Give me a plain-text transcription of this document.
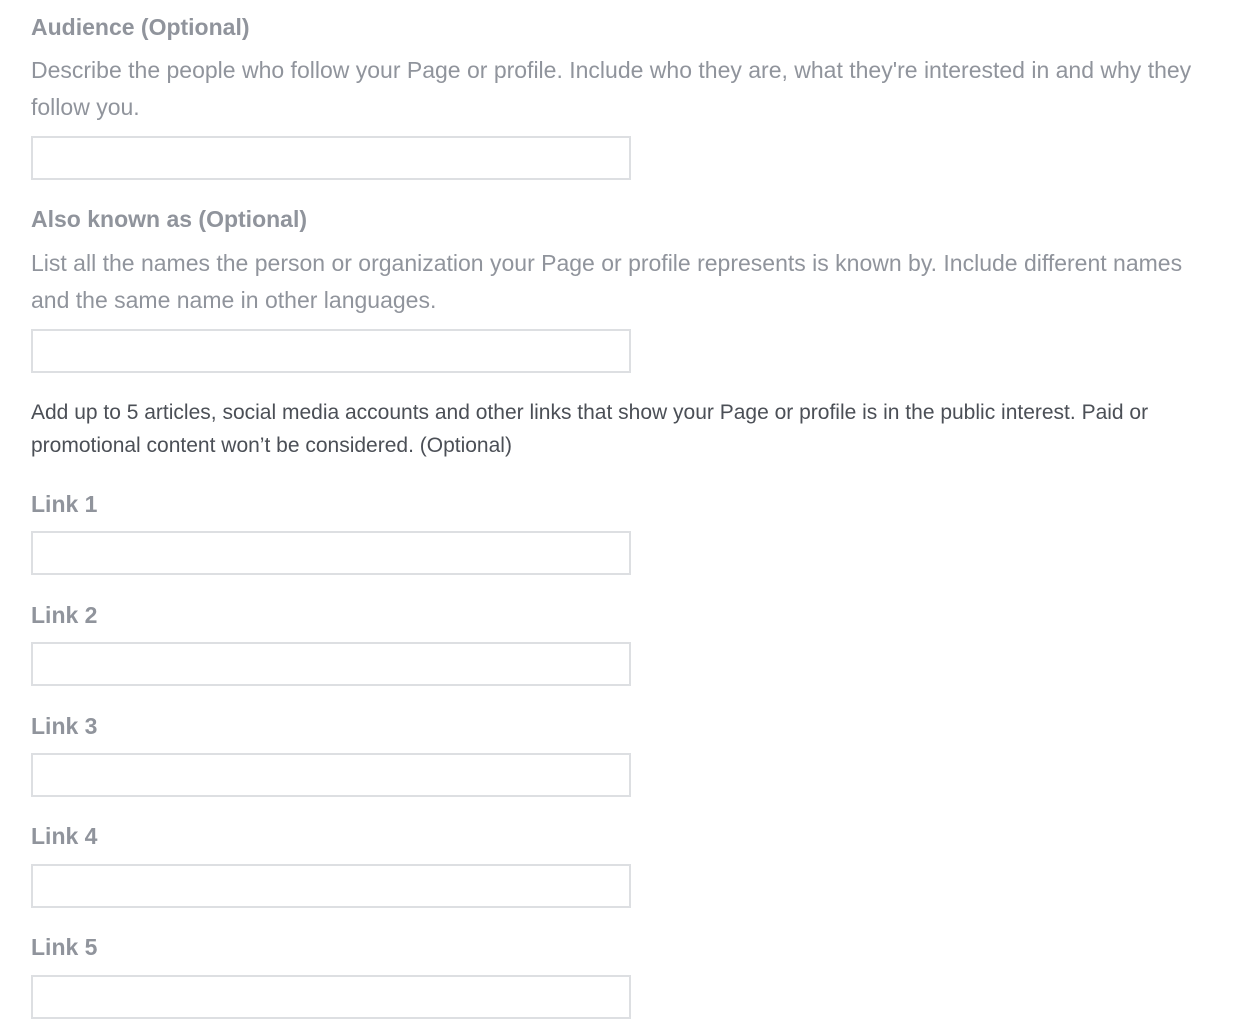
Audience (Optional)
Describe the people who follow your Page or profile. Include who they are, what they're interested in and why they follow you.
Also known as (Optional)
List all the names the person or organization your Page or profile represents is known by. Include different names and the same name in other languages.
Add up to 5 articles, social media accounts and other links that show your Page or profile is in the public interest. Paid or promotional content won’t be considered. (Optional)
Link 1
Link 2
Link 3
Link 4
Link 5
